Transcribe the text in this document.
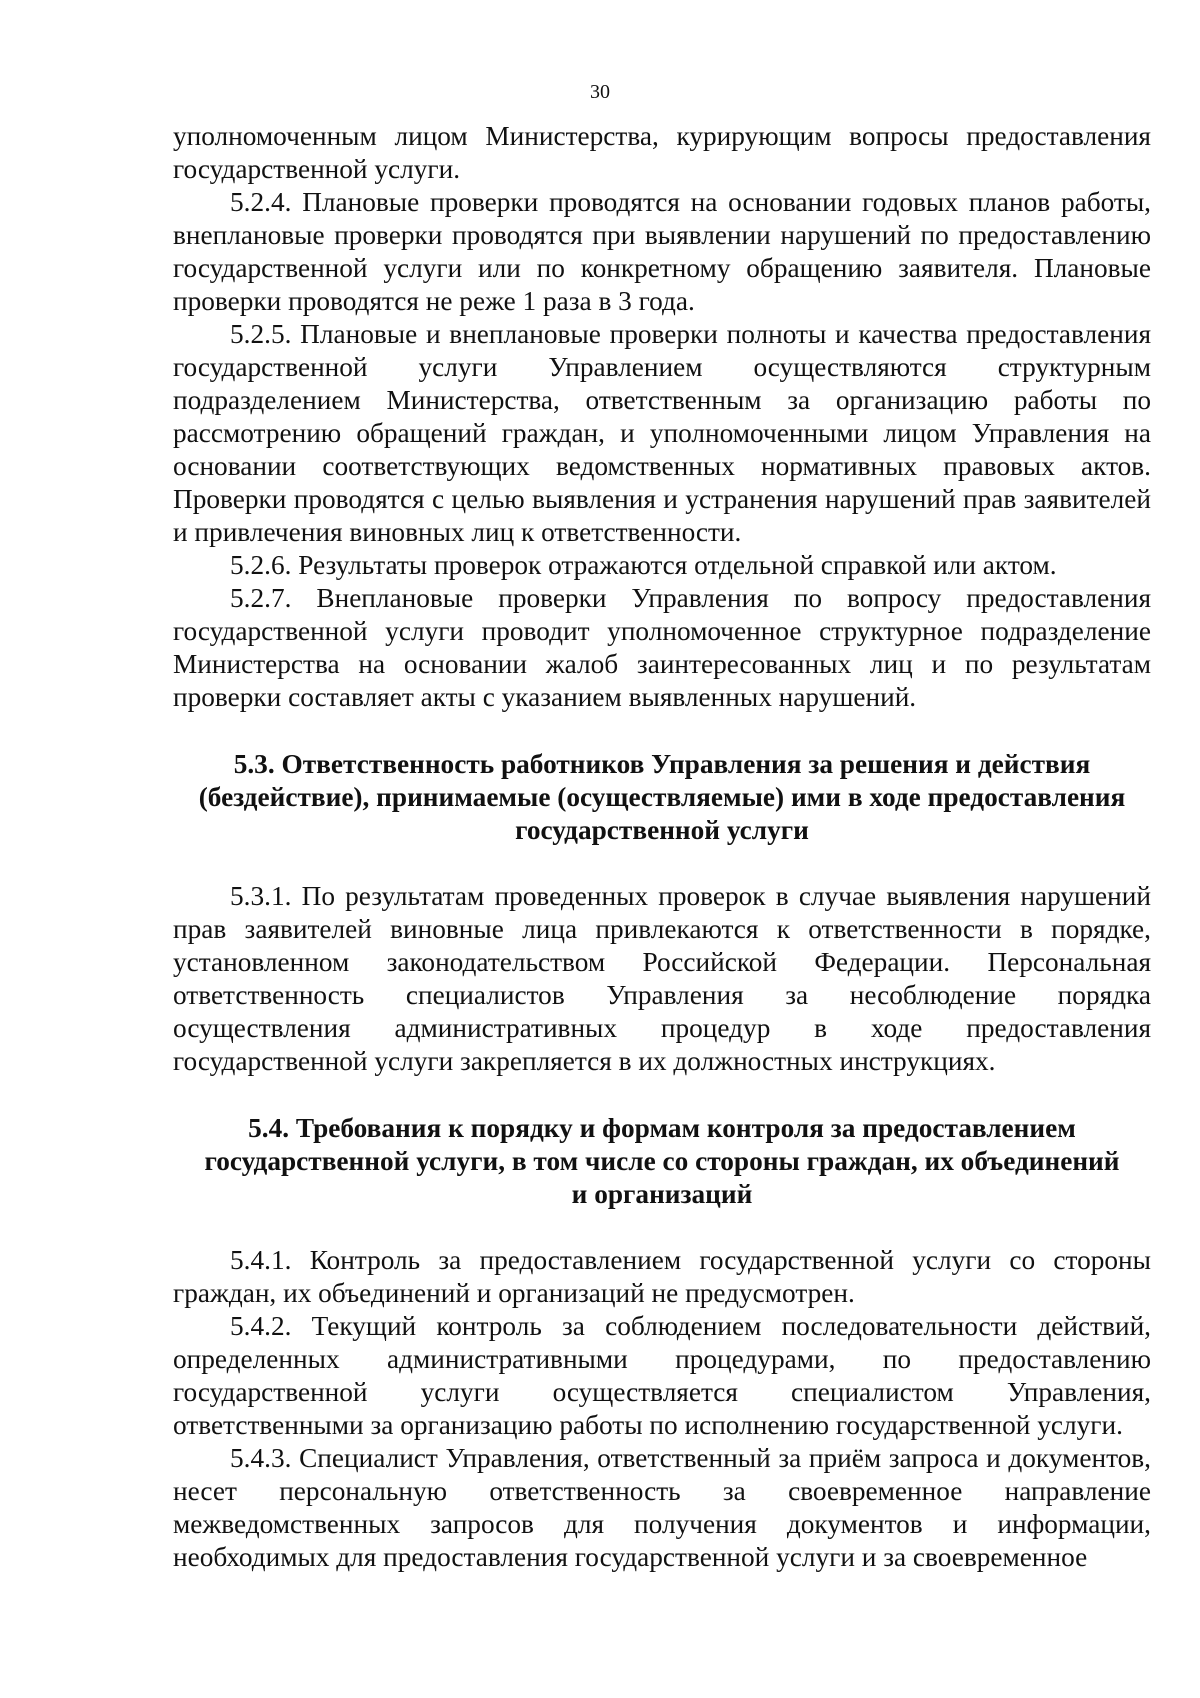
30

уполномоченным лицом Министерства, курирующим вопросы предоставления государственной услуги.

5.2.4. Плановые проверки проводятся на основании годовых планов работы, внеплановые проверки проводятся при выявлении нарушений по предоставлению государственной услуги или по конкретному обращению заявителя. Плановые проверки проводятся не реже 1 раза в 3 года.

5.2.5. Плановые и внеплановые проверки полноты и качества предоставления государственной услуги Управлением осуществляются структурным подразделением Министерства, ответственным за организацию работы по рассмотрению обращений граждан, и уполномоченными лицом Управления на основании соответствующих ведомственных нормативных правовых актов. Проверки проводятся с целью выявления и устранения нарушений прав заявителей и привлечения виновных лиц к ответственности.

5.2.6. Результаты проверок отражаются отдельной справкой или актом.

5.2.7. Внеплановые проверки Управления по вопросу предоставления государственной услуги проводит уполномоченное структурное подразделение Министерства на основании жалоб заинтересованных лиц и по результатам проверки составляет акты с указанием выявленных нарушений.

5.3. Ответственность работников Управления за решения и действия
(бездействие), принимаемые (осуществляемые) ими в ходе предоставления
государственной услуги

5.3.1. По результатам проведенных проверок в случае выявления нарушений прав заявителей виновные лица привлекаются к ответственности в порядке, установленном законодательством Российской Федерации. Персональная ответственность специалистов Управления за несоблюдение порядка осуществления административных процедур в ходе предоставления государственной услуги закрепляется в их должностных инструкциях.

5.4. Требования к порядку и формам контроля за предоставлением
государственной услуги, в том числе со стороны граждан, их объединений
и организаций

5.4.1. Контроль за предоставлением государственной услуги со стороны граждан, их объединений и организаций не предусмотрен.

5.4.2. Текущий контроль за соблюдением последовательности действий, определенных административными процедурами, по предоставлению государственной услуги осуществляется специалистом Управления, ответственными за организацию работы по исполнению государственной услуги.

5.4.3. Специалист Управления, ответственный за приём запроса и документов, несет персональную ответственность за своевременное направление межведомственных запросов для получения документов и информации, необходимых для предоставления государственной услуги и за своевременное
